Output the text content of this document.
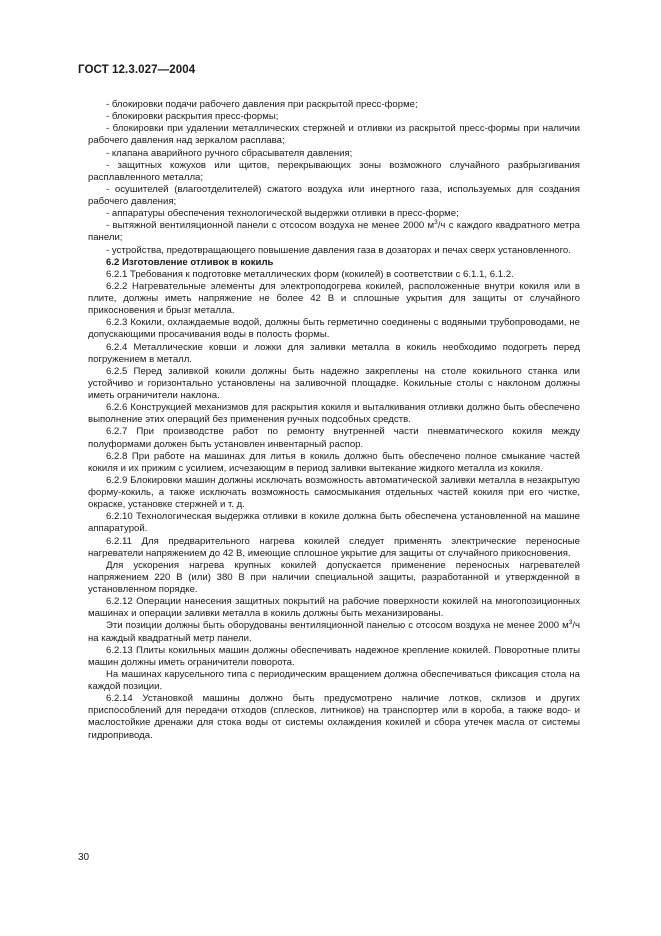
ГОСТ 12.3.027—2004

- блокировки подачи рабочего давления при раскрытой пресс-форме;

- блокировки раскрытия пресс-формы;

- блокировки при удалении металлических стержней и отливки из раскрытой пресс-формы при наличии рабочего давления над зеркалом расплава;

- клапана аварийного ручного сбрасывателя давления;

- защитных кожухов или щитов, перекрывающих зоны возможного случайного разбрызгивания расплавленного металла;

- осушителей (влагоотделителей) сжатого воздуха или инертного газа, используемых для создания рабочего давления;

- аппаратуры обеспечения технологической выдержки отливки в пресс-форме;

- вытяжной вентиляционной панели с отсосом воздуха не менее 2000 $м^3/ч$ с каждого квадратного метра панели;

- устройства, предотвращающего повышение давления газа в дозаторах и печах сверх установленного.

6.2 Изготовление отливок в кокиль

6.2.1 Требования к подготовке металлических форм (кокилей) в соответствии с 6.1.1, 6.1.2.

6.2.2 Нагревательные элементы для электроподогрева кокилей, расположенные внутри кокиля или в плите, должны иметь напряжение не более 42 В и сплошные укрытия для защиты от случайного прикосновения и брызг металла.

6.2.3 Кокили, охлаждаемые водой, должны быть герметично соединены с водяными трубопроводами, не допускающими просачивания воды в полость формы.

6.2.4 Металлические ковши и ложки для заливки металла в кокиль необходимо подогреть перед погружением в металл.

6.2.5 Перед заливкой кокили должны быть надежно закреплены на столе кокильного станка или устойчиво и горизонтально установлены на заливочной площадке. Кокильные столы с наклоном должны иметь ограничители наклона.

6.2.6 Конструкцией механизмов для раскрытия кокиля и выталкивания отливки должно быть обеспечено выполнение этих операций без применения ручных подсобных средств.

6.2.7 При производстве работ по ремонту внутренней части пневматического кокиля между полуформами должен быть установлен инвентарный распор.

6.2.8 При работе на машинах для литья в кокиль должно быть обеспечено полное смыкание частей кокиля и их прижим с усилием, исчезающим в период заливки вытекание жидкого металла из кокиля.

6.2.9 Блокировки машин должны исключать возможность автоматической заливки металла в незакрытую форму-кокиль, а также исключать возможность самосмыкания отдельных частей кокиля при его чистке, окраске, установке стержней и т. д.

6.2.10 Технологическая выдержка отливки в кокиле должна быть обеспечена установленной на машине аппаратурой.

6.2.11 Для предварительного нагрева кокилей следует применять электрические переносные нагреватели напряжением до 42 В, имеющие сплошное укрытие для защиты от случайного прикосновения.

Для ускорения нагрева крупных кокилей допускается применение переносных нагревателей напряжением 220 В (или) 380 В при наличии специальной защиты, разработанной и утвержденной в установленном порядке.

6.2.12 Операции нанесения защитных покрытий на рабочие поверхности кокилей на многопозиционных машинах и операции заливки металла в кокиль должны быть механизированы.

Эти позиции должны быть оборудованы вентиляционной панелью с отсосом воздуха не менее 2000 $м^3/ч$ на каждый квадратный метр панели.

6.2.13 Плиты кокильных машин должны обеспечивать надежное крепление кокилей. Поворотные плиты машин должны иметь ограничители поворота.

На машинах карусельного типа с периодическим вращением должна обеспечиваться фиксация стола на каждой позиции.

6.2.14 Установкой машины должно быть предусмотрено наличие лотков, склизов и других приспособлений для передачи отходов (сплесков, литников) на транспортер или в короба, а также водо- и маслостойкие дренажи для стока воды от системы охлаждения кокилей и сбора утечек масла от системы гидропривода.

30
